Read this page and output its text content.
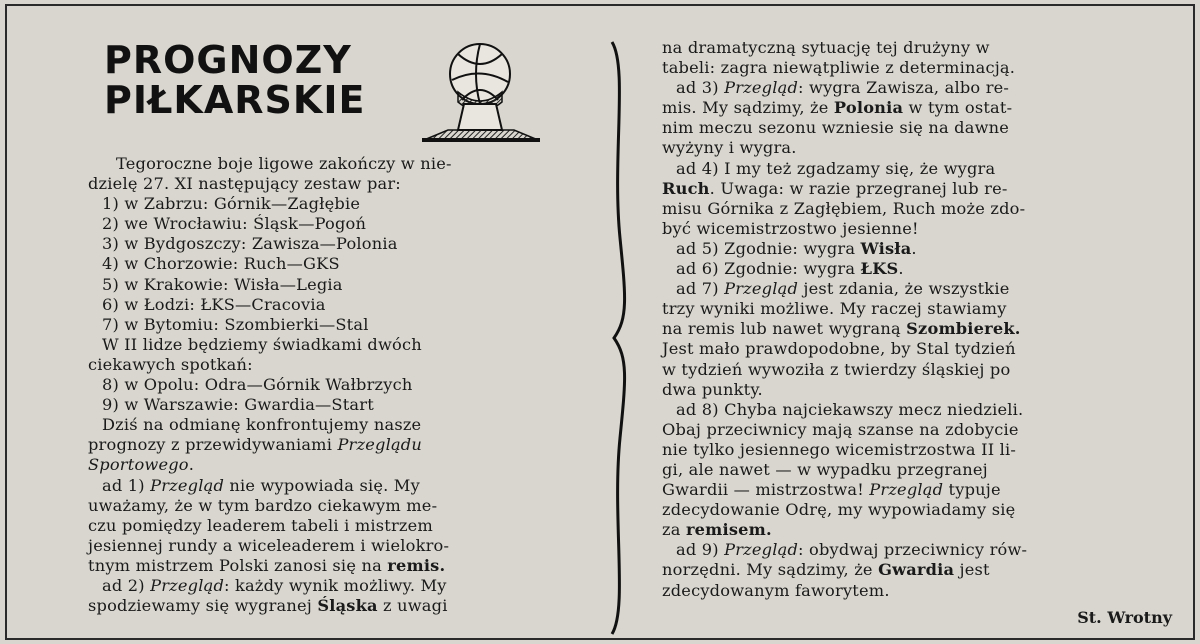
PROGNOZY
PIŁKARSKIE

Tegoroczne boje ligowe zakończy w nie-

dzielę 27. XI następujący zestaw par:

1) w Zabrzu: Górnik—Zagłębie

2) we Wrocławiu: Śląsk—Pogoń

3) w Bydgoszczy: Zawisza—Polonia

4) w Chorzowie: Ruch—GKS

5) w Krakowie: Wisła—Legia

6) w Łodzi: ŁKS—Cracovia

7) w Bytomiu: Szombierki—Stal

W II lidze będziemy świadkami dwóch

ciekawych spotkań:

8) w Opolu: Odra—Górnik Wałbrzych

9) w Warszawie: Gwardia—Start

Dziś na odmianę konfrontujemy nasze

prognozy z przewidywaniami Przeglądu

Sportowego.

ad 1) Przegląd nie wypowiada się. My

uważamy, że w tym bardzo ciekawym me-

czu pomiędzy leaderem tabeli i mistrzem

jesiennej rundy a wiceleaderem i wielokro-

tnym mistrzem Polski zanosi się na remis.

ad 2) Przegląd: każdy wynik możliwy. My

spodziewamy się wygranej Śląska z uwagi

na dramatyczną sytuację tej drużyny w

tabeli: zagra niewątpliwie z determinacją.

ad 3) Przegląd: wygra Zawisza, albo re-

mis. My sądzimy, że Polonia w tym ostat-

nim meczu sezonu wzniesie się na dawne

wyżyny i wygra.

ad 4) I my też zgadzamy się, że wygra

Ruch. Uwaga: w razie przegranej lub re-

misu Górnika z Zagłębiem, Ruch może zdo-

być wicemistrzostwo jesienne!

ad 5) Zgodnie: wygra Wisła.

ad 6) Zgodnie: wygra ŁKS.

ad 7) Przegląd jest zdania, że wszystkie

trzy wyniki możliwe. My raczej stawiamy

na remis lub nawet wygraną Szombierek.

Jest mało prawdopodobne, by Stal tydzień

w tydzień wywoziła z twierdzy śląskiej po

dwa punkty.

ad 8) Chyba najciekawszy mecz niedzieli.

Obaj przeciwnicy mają szanse na zdobycie

nie tylko jesiennego wicemistrzostwa II li-

gi, ale nawet — w wypadku przegranej

Gwardii — mistrzostwa! Przegląd typuje

zdecydowanie Odrę, my wypowiadamy się

za remisem.

ad 9) Przegląd: obydwaj przeciwnicy rów-

norzędni. My sądzimy, że Gwardia jest

zdecydowanym faworytem.

St. Wrotny
